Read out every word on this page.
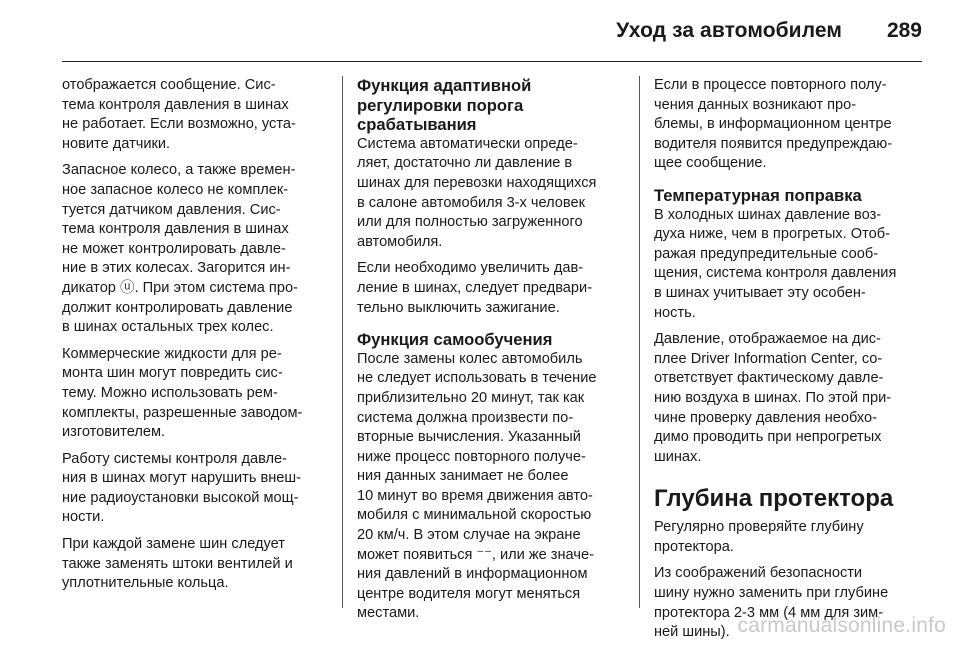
Уход за автомобилем 289
отображается сообщение. Сис-
тема контроля давления в шинах
не работает. Если возможно, уста-
новите датчики.
Запасное колесо, а также времен-
ное запасное колесо не комплек-
туется датчиком давления. Сис-
тема контроля давления в шинах
не может контролировать давле-
ние в этих колесах. Загорится ин-
дикатор ⓤ. При этом система про-
должит контролировать давление
в шинах остальных трех колес.
Коммерческие жидкости для ре-
монта шин могут повредить сис-
тему. Можно использовать рем-
комплекты, разрешенные заводом-
изготовителем.
Работу системы контроля давле-
ния в шинах могут нарушить внеш-
ние радиоустановки высокой мощ-
ности.
При каждой замене шин следует
также заменять штоки вентилей и
уплотнительные кольца.
Функция адаптивной
регулировки порога
срабатывания
Система автоматически опреде-
ляет, достаточно ли давление в
шинах для перевозки находящихся
в салоне автомобиля 3-х человек
или для полностью загруженного
автомобиля.
Если необходимо увеличить дав-
ление в шинах, следует предвари-
тельно выключить зажигание.
Функция самообучения
После замены колес автомобиль
не следует использовать в течение
приблизительно 20 минут, так как
система должна произвести по-
вторные вычисления. Указанный
ниже процесс повторного получе-
ния данных занимает не более
10 минут во время движения авто-
мобиля с минимальной скоростью
20 км/ч. В этом случае на экране
может появиться ⁻⁻, или же значе-
ния давлений в информационном
центре водителя могут меняться
местами.
Если в процессе повторного полу-
чения данных возникают про-
блемы, в информационном центре
водителя появится предупреждаю-
щее сообщение.
Температурная поправка
В холодных шинах давление воз-
духа ниже, чем в прогретых. Отоб-
ражая предупредительные сооб-
щения, система контроля давления
в шинах учитывает эту особен-
ность.
Давление, отображаемое на дис-
плее Driver Information Center, со-
ответствует фактическому давле-
нию воздуха в шинах. По этой при-
чине проверку давления необхо-
димо проводить при непрогретых
шинах.
Глубина протектора
Регулярно проверяйте глубину
протектора.
Из соображений безопасности
шину нужно заменить при глубине
протектора 2-3 мм (4 мм для зим-
ней шины). carmanualsonline.info
